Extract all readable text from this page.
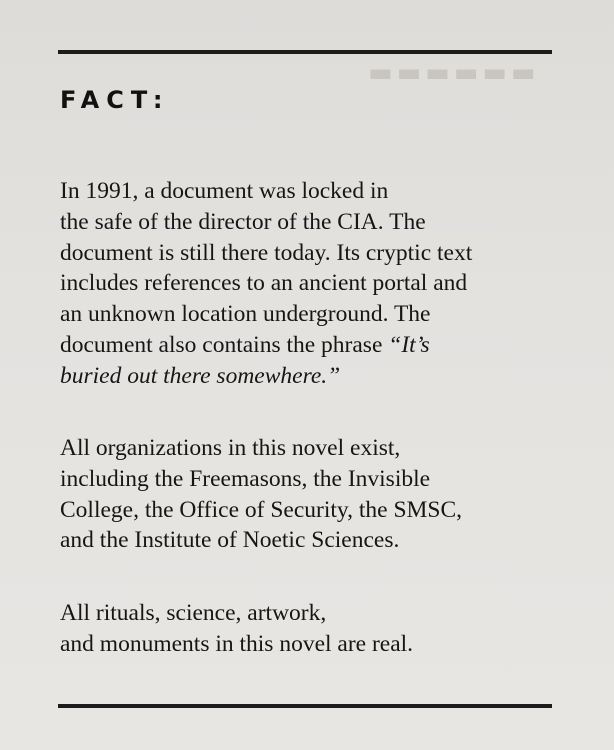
▬▬▬▬▬▬
FACT:
In 1991, a document was locked in
the safe of the director of the CIA. The
document is still there today. Its cryptic text
includes references to an ancient portal and
an unknown location underground. The
document also contains the phrase “It’s
buried out there somewhere.”
All organizations in this novel exist,
including the Freemasons, the Invisible
College, the Office of Security, the SMSC,
and the Institute of Noetic Sciences.
All rituals, science, artwork,
and monuments in this novel are real.
